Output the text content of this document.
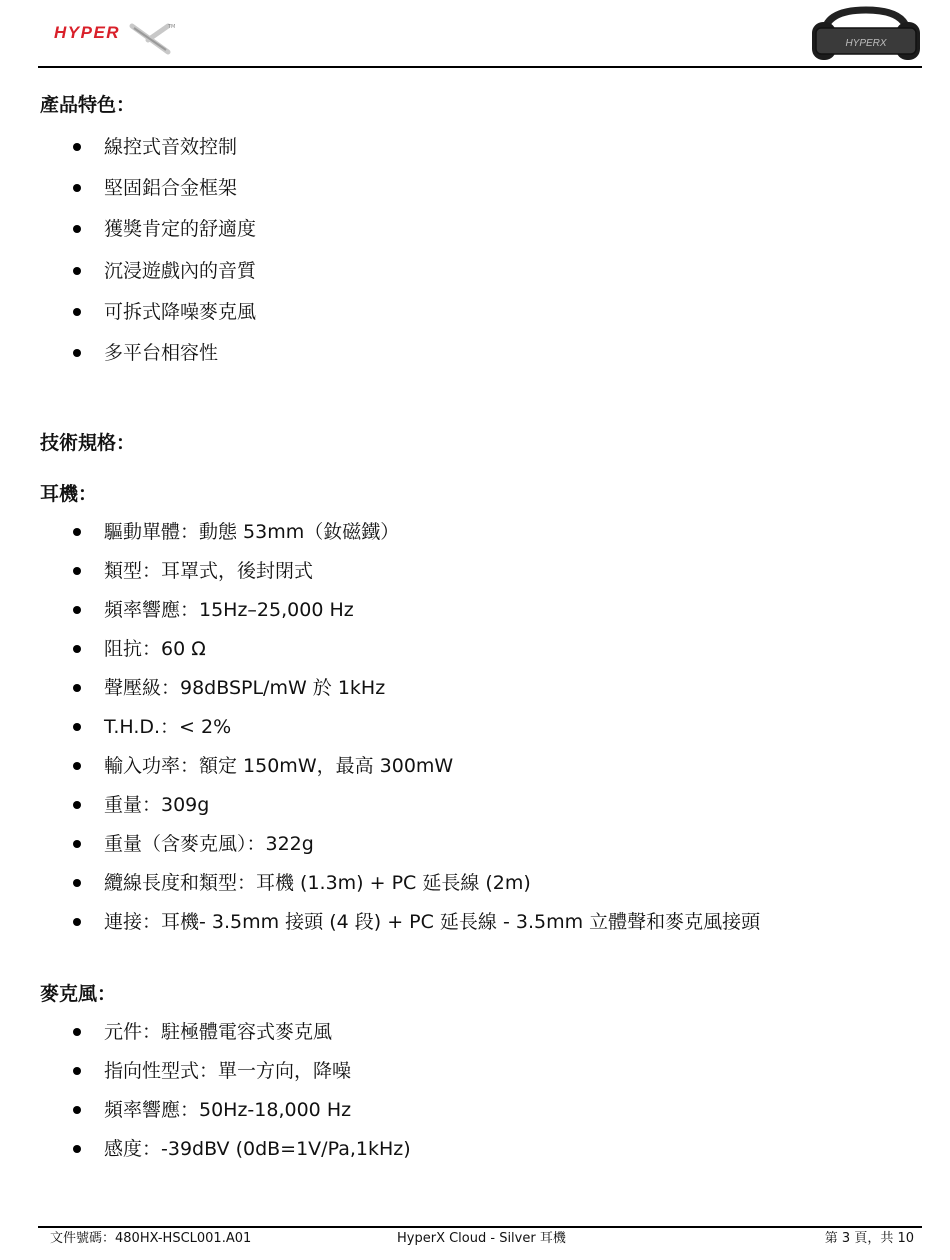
HYPER	TM
HYPERX
產品特色：
線控式音效控制
堅固鋁合金框架
獲獎肯定的舒適度
沉浸遊戲內的音質
可拆式降噪麥克風
多平台相容性
技術規格：
耳機：
驅動單體：動態 53mm（釹磁鐵）
類型：耳罩式，後封閉式
頻率響應：15Hz–25,000 Hz
阻抗：60 Ω
聲壓級：98dBSPL/mW 於 1kHz
T.H.D.：< 2%
輸入功率：額定 150mW，最高 300mW
重量：309g
重量（含麥克風）：322g
纜線長度和類型：耳機 (1.3m) + PC 延長線 (2m)
連接：耳機- 3.5mm 接頭 (4 段) + PC 延長線 - 3.5mm 立體聲和麥克風接頭
麥克風：
元件：駐極體電容式麥克風
指向性型式：單一方向，降噪
頻率響應：50Hz-18,000 Hz
感度：-39dBV (0dB=1V/Pa,1kHz)
文件號碼：480HX-HSCL001.A01	HyperX Cloud - Silver 耳機	第 3 頁，共 10
